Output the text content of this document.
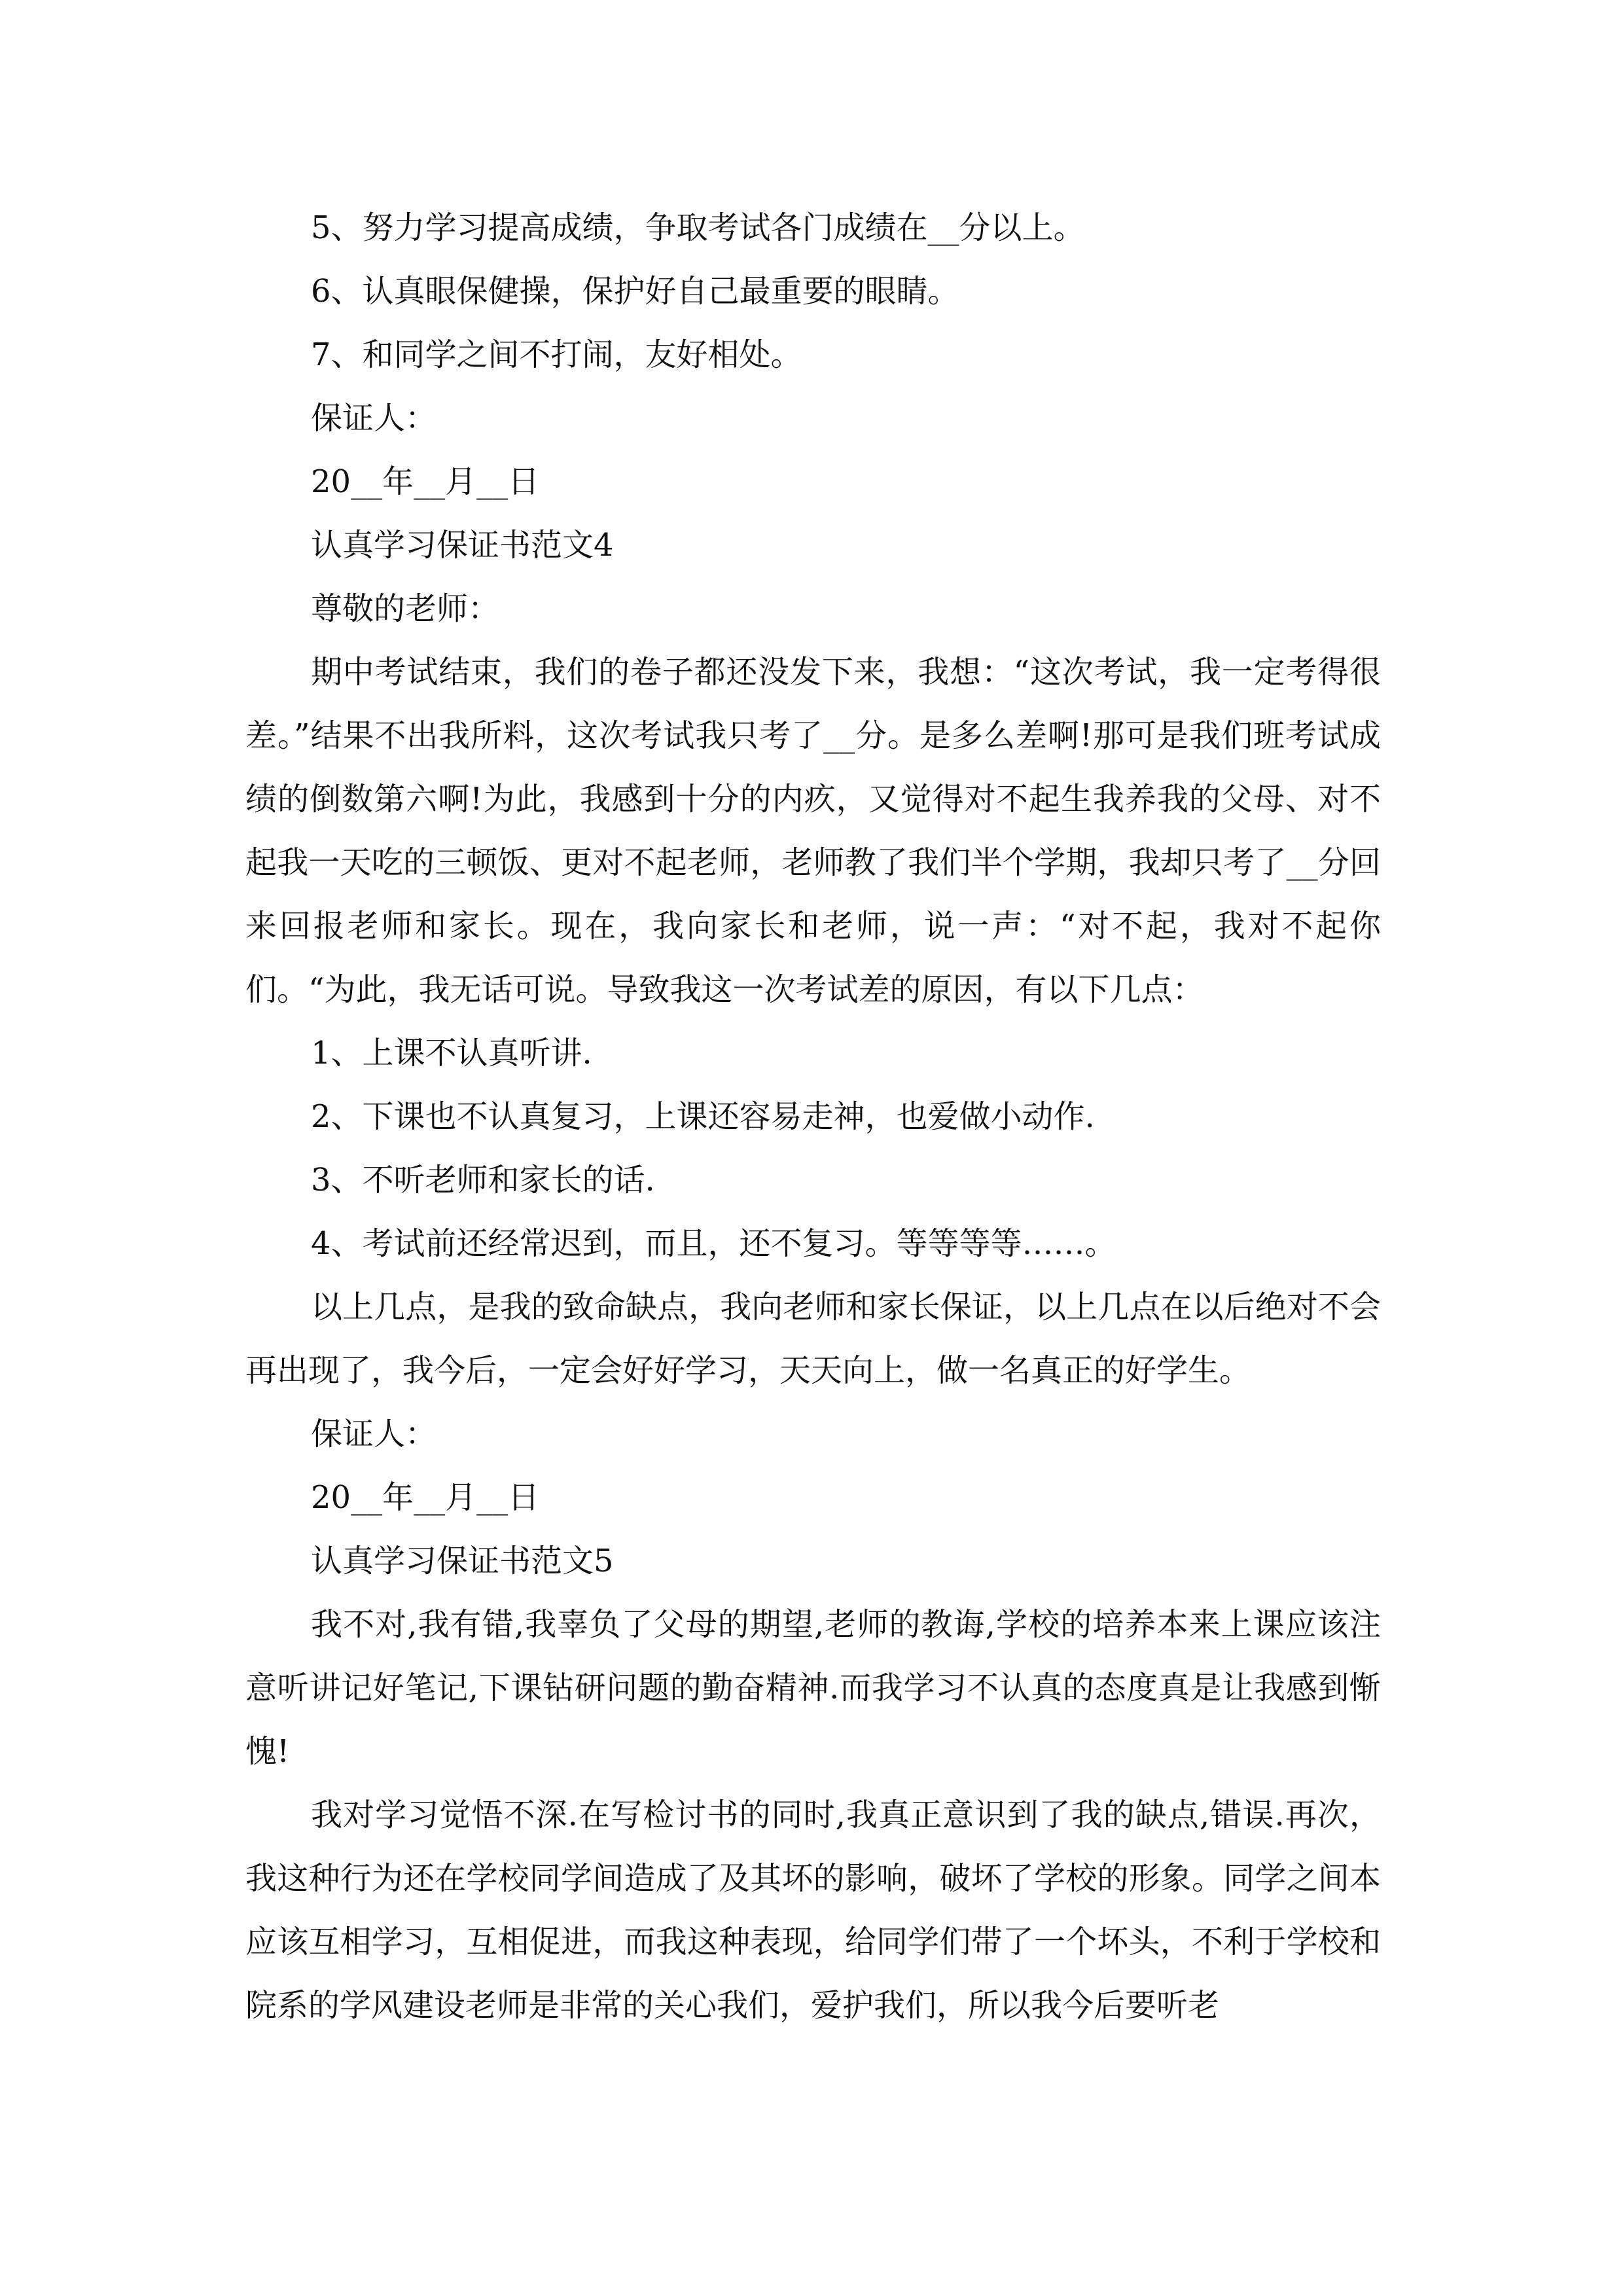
5、努力学习提高成绩，争取考试各门成绩在__分以上。

6、认真眼保健操，保护好自己最重要的眼睛。

7、和同学之间不打闹，友好相处。

保证人：

20__年__月__日

认真学习保证书范文4

尊敬的老师：

期中考试结束，我们的卷子都还没发下来，我想：“这次考试，我一定考得很差。”结果不出我所料，这次考试我只考了__分。是多么差啊!那可是我们班考试成绩的倒数第六啊!为此，我感到十分的内疚，又觉得对不起生我养我的父母、对不起我一天吃的三顿饭、更对不起老师，老师教了我们半个学期，我却只考了__分回来回报老师和家长。现在，我向家长和老师，说一声：“对不起，我对不起你们。“为此，我无话可说。导致我这一次考试差的原因，有以下几点：

1、上课不认真听讲.

2、下课也不认真复习，上课还容易走神，也爱做小动作.

3、不听老师和家长的话.

4、考试前还经常迟到，而且，还不复习。等等等等……。

以上几点，是我的致命缺点，我向老师和家长保证，以上几点在以后绝对不会再出现了，我今后，一定会好好学习，天天向上，做一名真正的好学生。

保证人：

20__年__月__日

认真学习保证书范文5

我不对,我有错,我辜负了父母的期望,老师的教诲,学校的培养本来上课应该注意听讲记好笔记,下课钻研问题的勤奋精神.而我学习不认真的态度真是让我感到惭愧!

我对学习觉悟不深.在写检讨书的同时,我真正意识到了我的缺点,错误.再次，我这种行为还在学校同学间造成了及其坏的影响，破坏了学校的形象。同学之间本应该互相学习，互相促进，而我这种表现，给同学们带了一个坏头，不利于学校和院系的学风建设老师是非常的关心我们，爱护我们，所以我今后要听老
